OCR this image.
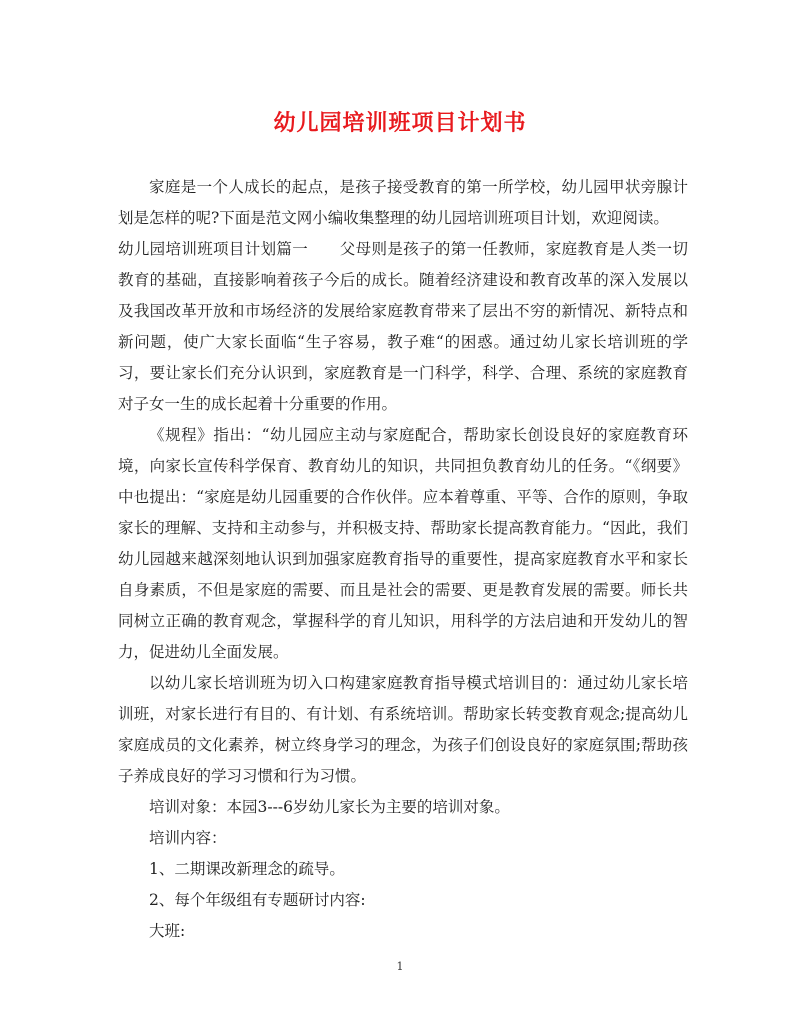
幼儿园培训班项目计划书

家庭是一个人成长的起点，是孩子接受教育的第一所学校，幼儿园甲状旁腺计划是怎样的呢?下面是范文网小编收集整理的幼儿园培训班项目计划，欢迎阅读。

幼儿园培训班项目计划篇一　　父母则是孩子的第一任教师，家庭教育是人类一切教育的基础，直接影响着孩子今后的成长。随着经济建设和教育改革的深入发展以及我国改革开放和市场经济的发展给家庭教育带来了层出不穷的新情况、新特点和新问题，使广大家长面临“生子容易，教子难“的困惑。通过幼儿家长培训班的学习，要让家长们充分认识到，家庭教育是一门科学，科学、合理、系统的家庭教育对子女一生的成长起着十分重要的作用。

《规程》指出：“幼儿园应主动与家庭配合，帮助家长创设良好的家庭教育环境，向家长宣传科学保育、教育幼儿的知识，共同担负教育幼儿的任务。“《纲要》中也提出：“家庭是幼儿园重要的合作伙伴。应本着尊重、平等、合作的原则，争取家长的理解、支持和主动参与，并积极支持、帮助家长提高教育能力。“因此，我们幼儿园越来越深刻地认识到加强家庭教育指导的重要性，提高家庭教育水平和家长自身素质，不但是家庭的需要、而且是社会的需要、更是教育发展的需要。师长共同树立正确的教育观念，掌握科学的育儿知识，用科学的方法启迪和开发幼儿的智力，促进幼儿全面发展。

以幼儿家长培训班为切入口构建家庭教育指导模式培训目的：通过幼儿家长培训班，对家长进行有目的、有计划、有系统培训。帮助家长转变教育观念;提高幼儿家庭成员的文化素养，树立终身学习的理念，为孩子们创设良好的家庭氛围;帮助孩子养成良好的学习习惯和行为习惯。

培训对象：本园3---6岁幼儿家长为主要的培训对象。

培训内容：

1、二期课改新理念的疏导。

2、每个年级组有专题研讨内容:

大班:

1
